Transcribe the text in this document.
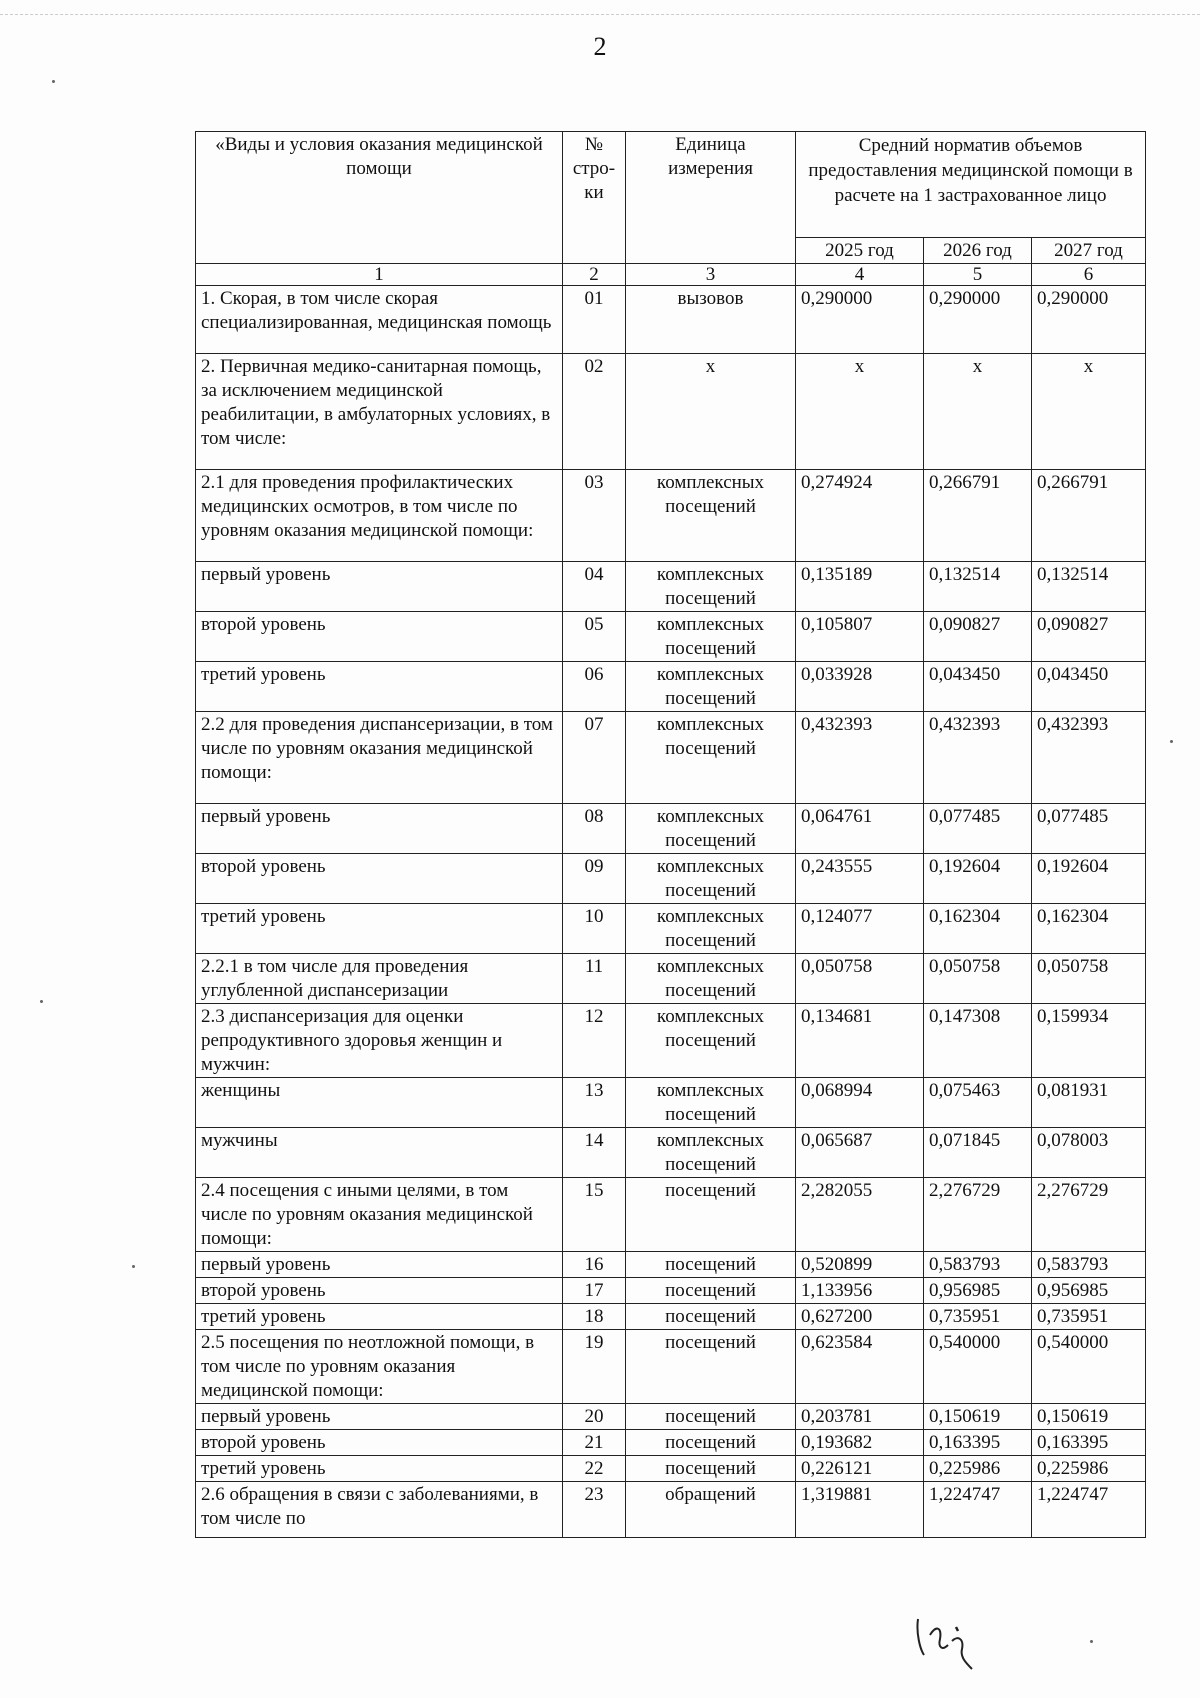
2
«Виды и условия оказания медицинской помощи	№ стро-ки	Единица измерения	Средний норматив объемов предоставления медицинской помощи в расчете на 1 застрахованное лицо		
			2025 год	2026 год	2027 год
1	2	3	4	5	6
1. Скорая, в том числе скорая специализированная, медицинская помощь	01	вызовов	0,290000	0,290000	0,290000
2. Первичная медико-санитарная помощь, за исключением медицинской реабилитации, в амбулаторных условиях, в том числе:	02	х	х	х	х
2.1 для проведения профилактических медицинских осмотров, в том числе по уровням оказания медицинской помощи:	03	комплексных посещений	0,274924	0,266791	0,266791
первый уровень	04	комплексных посещений	0,135189	0,132514	0,132514
второй уровень	05	комплексных посещений	0,105807	0,090827	0,090827
третий уровень	06	комплексных посещений	0,033928	0,043450	0,043450
2.2 для проведения диспансеризации, в том числе по уровням оказания медицинской помощи:	07	комплексных посещений	0,432393	0,432393	0,432393
первый уровень	08	комплексных посещений	0,064761	0,077485	0,077485
второй уровень	09	комплексных посещений	0,243555	0,192604	0,192604
третий уровень	10	комплексных посещений	0,124077	0,162304	0,162304
2.2.1 в том числе для проведения углубленной диспансеризации	11	комплексных посещений	0,050758	0,050758	0,050758
2.3 диспансеризация для оценки репродуктивного здоровья женщин и мужчин:	12	комплексных посещений	0,134681	0,147308	0,159934
женщины	13	комплексных посещений	0,068994	0,075463	0,081931
мужчины	14	комплексных посещений	0,065687	0,071845	0,078003
2.4 посещения с иными целями, в том числе по уровням оказания медицинской помощи:	15	посещений	2,282055	2,276729	2,276729
первый уровень	16	посещений	0,520899	0,583793	0,583793
второй уровень	17	посещений	1,133956	0,956985	0,956985
третий уровень	18	посещений	0,627200	0,735951	0,735951
2.5 посещения по неотложной помощи, в том числе по уровням оказания медицинской помощи:	19	посещений	0,623584	0,540000	0,540000
первый уровень	20	посещений	0,203781	0,150619	0,150619
второй уровень	21	посещений	0,193682	0,163395	0,163395
третий уровень	22	посещений	0,226121	0,225986	0,225986
2.6 обращения в связи с заболеваниями, в том числе по	23	обращений	1,319881	1,224747	1,224747
